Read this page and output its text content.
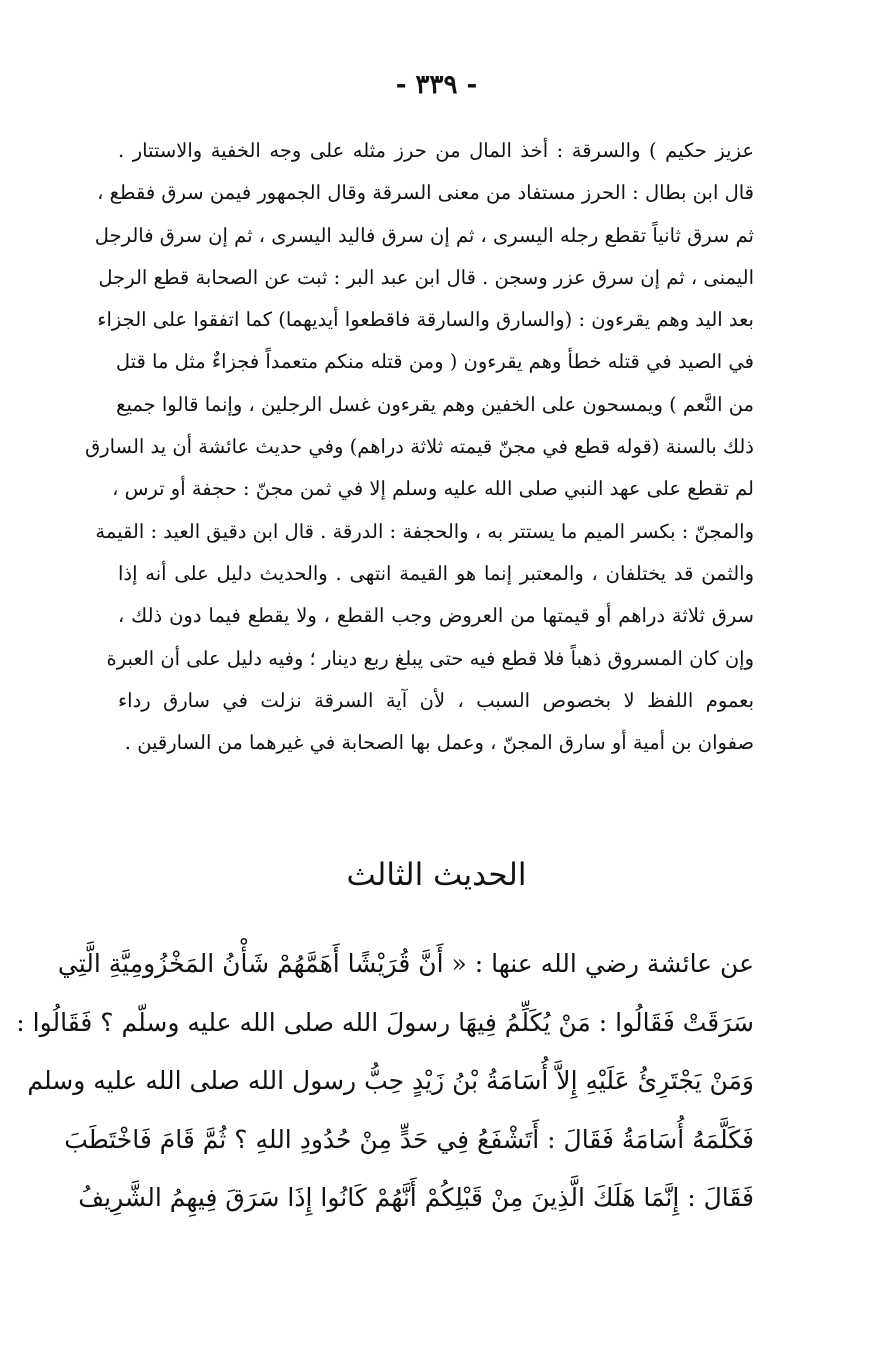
- ٣٣٩ -
عزيز حكيم ) والسرقة : أخذ المال من حرز مثله على وجه الخفية والاستتار .
قال ابن بطال : الحرز مستفاد من معنى السرقة وقال الجمهور فيمن سرق فقطع ،
ثم سرق ثانياً تقطع رجله اليسرى ، ثم إن سرق فاليد اليسرى ، ثم إن سرق فالرجل
اليمنى ، ثم إن سرق عزر وسجن . قال ابن عبد البر : ثبت عن الصحابة قطع الرجل
بعد اليد وهم يقرءون : (والسارق والسارقة فاقطعوا أيديهما) كما اتفقوا على الجزاء
في الصيد في قتله خطأ وهم يقرءون ( ومن قتله منكم متعمداً فجزاءٌ مثل ما قتل
من النَّعم ) ويمسحون على الخفين وهم يقرءون غسل الرجلين ، وإنما قالوا جميع
ذلك بالسنة (قوله قطع في مجنّ قيمته ثلاثة دراهم) وفي حديث عائشة أن يد السارق
لم تقطع على عهد النبي صلى الله عليه وسلم إلا في ثمن مجنّ : حجفة أو ترس ،
والمجنّ : بكسر الميم ما يستتر به ، والحجفة : الدرقة . قال ابن دقيق العيد : القيمة
والثمن قد يختلفان ، والمعتبر إنما هو القيمة انتهى . والحديث دليل على أنه إذا
سرق ثلاثة دراهم أو قيمتها من العروض وجب القطع ، ولا يقطع فيما دون ذلك ،
وإن كان المسروق ذهباً فلا قطع فيه حتى يبلغ ربع دينار ؛ وفيه دليل على أن العبرة
بعموم اللفظ لا بخصوص السبب ، لأن آية السرقة نزلت في سارق رداء
صفوان بن أمية أو سارق المجنّ ، وعمل بها الصحابة في غيرهما من السارقين .
الحديث الثالث
عن عائشة رضي الله عنها : « أَنَّ قُرَيْشًا أَهَمَّهُمْ شَأْنُ المَخْزُومِيَّةِ الَّتِي
سَرَقَتْ فَقَالُوا : مَنْ يُكَلِّمُ فِيهَا رسولَ الله صلى الله عليه وسلّم ؟ فَقَالُوا :
وَمَنْ يَجْتَرِئُ عَلَيْهِ إِلاَّ أُسَامَةُ بْنُ زَيْدٍ حِبُّ رسول الله صلى الله عليه وسلم
فَكَلَّمَهُ أُسَامَةُ فَقَالَ : أَتَشْفَعُ فِي حَدٍّ مِنْ حُدُودِ اللهِ ؟ ثُمَّ قَامَ فَاخْتَطَبَ
فَقَالَ : إِنَّمَا هَلَكَ الَّذِينَ مِنْ قَبْلِكُمْ أَنَّهُمْ كَانُوا إِذَا سَرَقَ فِيهِمُ الشَّرِيفُ
